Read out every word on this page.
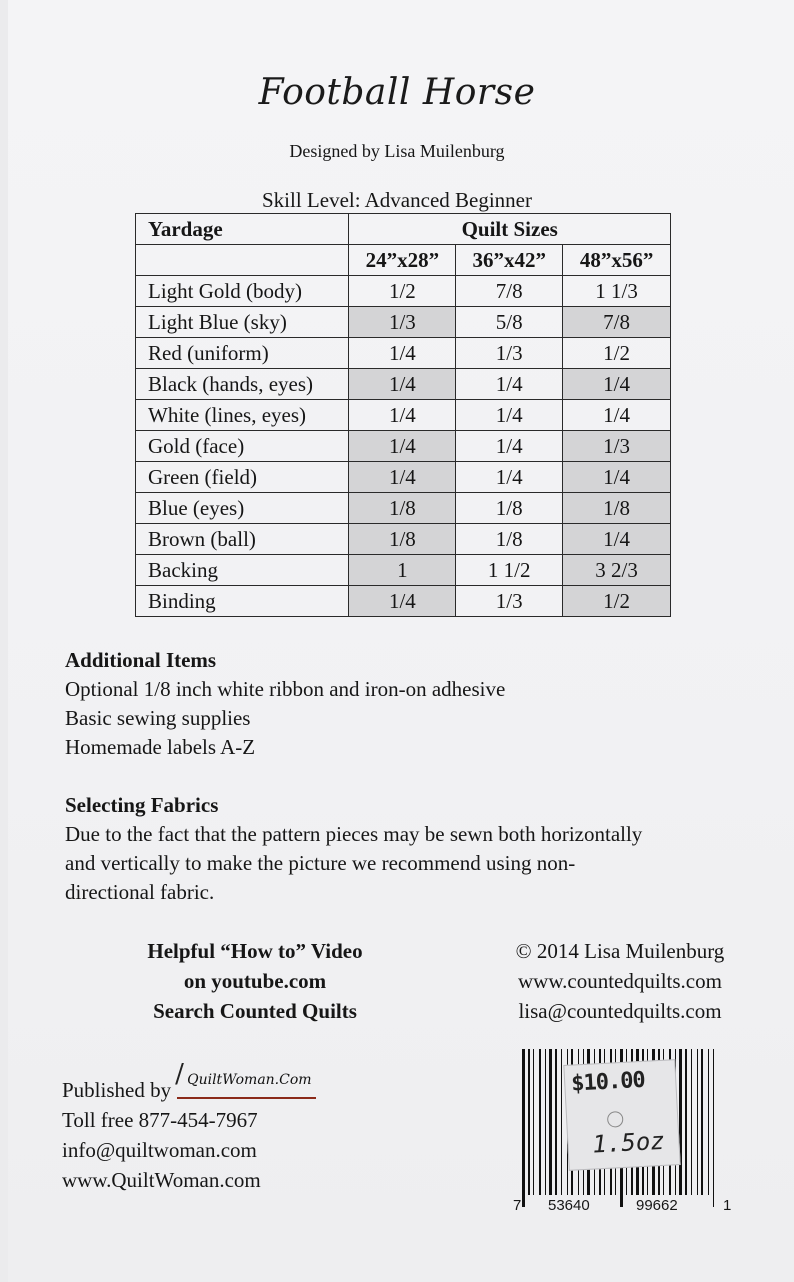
Football Horse
Designed by Lisa Muilenburg
Skill Level: Advanced Beginner
Yardage	Quilt Sizes		
	24”x28”	36”x42”	48”x56”
Light Gold (body)	1/2	7/8	1 1/3
Light Blue (sky)	1/3	5/8	7/8
Red (uniform)	1/4	1/3	1/2
Black (hands, eyes)	1/4	1/4	1/4
White (lines, eyes)	1/4	1/4	1/4
Gold (face)	1/4	1/4	1/3
Green (field)	1/4	1/4	1/4
Blue (eyes)	1/8	1/8	1/8
Brown (ball)	1/8	1/8	1/4
Backing	1	1 1/2	3 2/3
Binding	1/4	1/3	1/2
Additional Items
Optional 1/8 inch white ribbon and iron-on adhesive
Basic sewing supplies
Homemade labels A-Z
Selecting Fabrics
Due to the fact that the pattern pieces may be sewn both horizontally
and vertically to make the picture we recommend using non-
directional fabric.
Helpful “How to” Video
on youtube.com
Search Counted Quilts
© 2014 Lisa Muilenburg
www.countedquilts.com
lisa@countedquilts.com
Published by
/ QuiltWoman.Com
Toll free 877-454-7967
info@quiltwoman.com
www.QuiltWoman.com
$10.00
1.5oz
7 53640	99662	1
